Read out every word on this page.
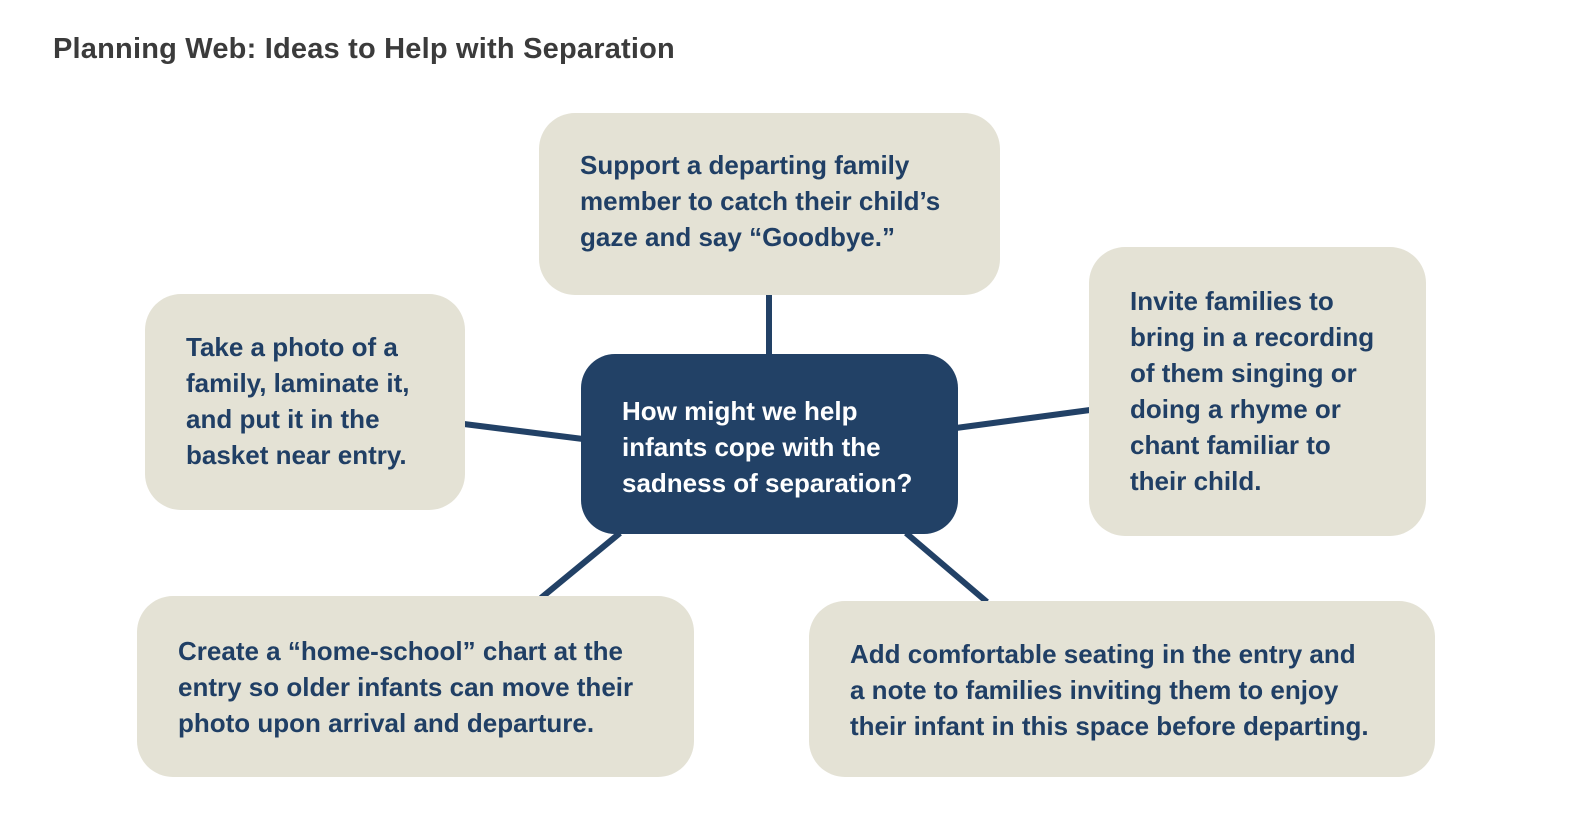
Planning Web: Ideas to Help with Separation
Support a departing family
member to catch their child’s
gaze and say “Goodbye.”
Take a photo of a
family, laminate it,
and put it in the
basket near entry.
Invite families to
bring in a recording
of them singing or
doing a rhyme or
chant familiar to
their child.
How might we help
infants cope with the
sadness of separation?
Create a “home-school” chart at the
entry so older infants can move their
photo upon arrival and departure.
Add comfortable seating in the entry and
a note to families inviting them to enjoy
their infant in this space before departing.
